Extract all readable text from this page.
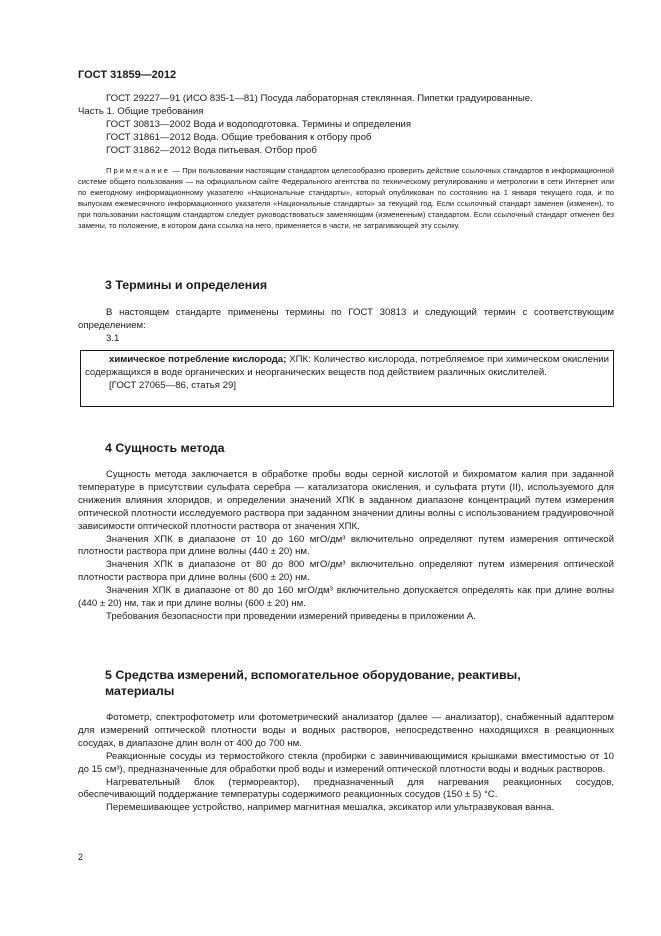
ГОСТ 31859—2012

ГОСТ 29227—91 (ИСО 835-1—81) Посуда лабораторная стеклянная. Пипетки градуированные.

Часть 1. Общие требования

ГОСТ 30813—2002 Вода и водоподготовка. Термины и определения

ГОСТ 31861—2012 Вода. Общие требования к отбору проб

ГОСТ 31862—2012 Вода питьевая. Отбор проб

Примечание — При пользовании настоящим стандартом целесообразно проверить действие ссылочных стандартов в информационной системе общего пользования — на официальном сайте Федерального агентства по техническому регулированию и метрологии в сети Интернет или по ежегодному информационному указателю «Национальные стандарты», который опубликован по состоянию на 1 января текущего года, и по выпускам ежемесячного информационного указателя «Национальные стандарты» за текущий год. Если ссылочный стандарт заменен (изменен), то при пользовании настоящим стандартом следует руководствоваться заменяющим (измененным) стандартом. Если ссылочный стандарт отменен без замены, то положение, в котором дана ссылка на него, применяется в части, не затрагивающей эту ссылку.

3 Термины и определения

В настоящем стандарте применены термины по ГОСТ 30813 и следующий термин с соответствующим определением:

3.1

химическое потребление кислорода; ХПК: Количество кислорода, потребляемое при химическом окислении содержащихся в воде органических и неорганических веществ под действием различных окислителей.

[ГОСТ 27065—86, статья 29]

4 Сущность метода

Сущность метода заключается в обработке пробы воды серной кислотой и бихроматом калия при заданной температуре в присутствии сульфата серебра — катализатора окисления, и сульфата ртути (II), используемого для снижения влияния хлоридов, и определении значений ХПК в заданном диапазоне концентраций путем измерения оптической плотности исследуемого раствора при заданном значении длины волны с использованием градуировочной зависимости оптической плотности раствора от значения ХПК.

Значения ХПК в диапазоне от 10 до 160 мгО/дм³ включительно определяют путем измерения оптической плотности раствора при длине волны (440 ± 20) нм.

Значения ХПК в диапазоне от 80 до 800 мгО/дм³ включительно определяют путем измерения оптической плотности раствора при длине волны (600 ± 20) нм.

Значения ХПК в диапазоне от 80 до 160 мгО/дм³ включительно допускается определять как при длине волны (440 ± 20) нм, так и при длине волны (600 ± 20) нм.

Требования безопасности при проведении измерений приведены в приложении А.

5 Средства измерений, вспомогательное оборудование, реактивы,
материалы

Фотометр, спектрофотометр или фотометрический анализатор (далее — анализатор), снабженный адаптером для измерений оптической плотности воды и водных растворов, непосредственно находящихся в реакционных сосудах, в диапазоне длин волн от 400 до 700 нм.

Реакционные сосуды из термостойкого стекла (пробирки с завинчивающимися крышками вместимостью от 10 до 15 см³), предназначенные для обработки проб воды и измерений оптической плотности воды и водных растворов.

Нагревательный блок (термореактор), предназначенный для нагревания реакционных сосудов, обеспечивающий поддержание температуры содержимого реакционных сосудов (150 ± 5) °С.

Перемешивающее устройство, например магнитная мешалка, эксикатор или ультразвуковая ванна.

2
